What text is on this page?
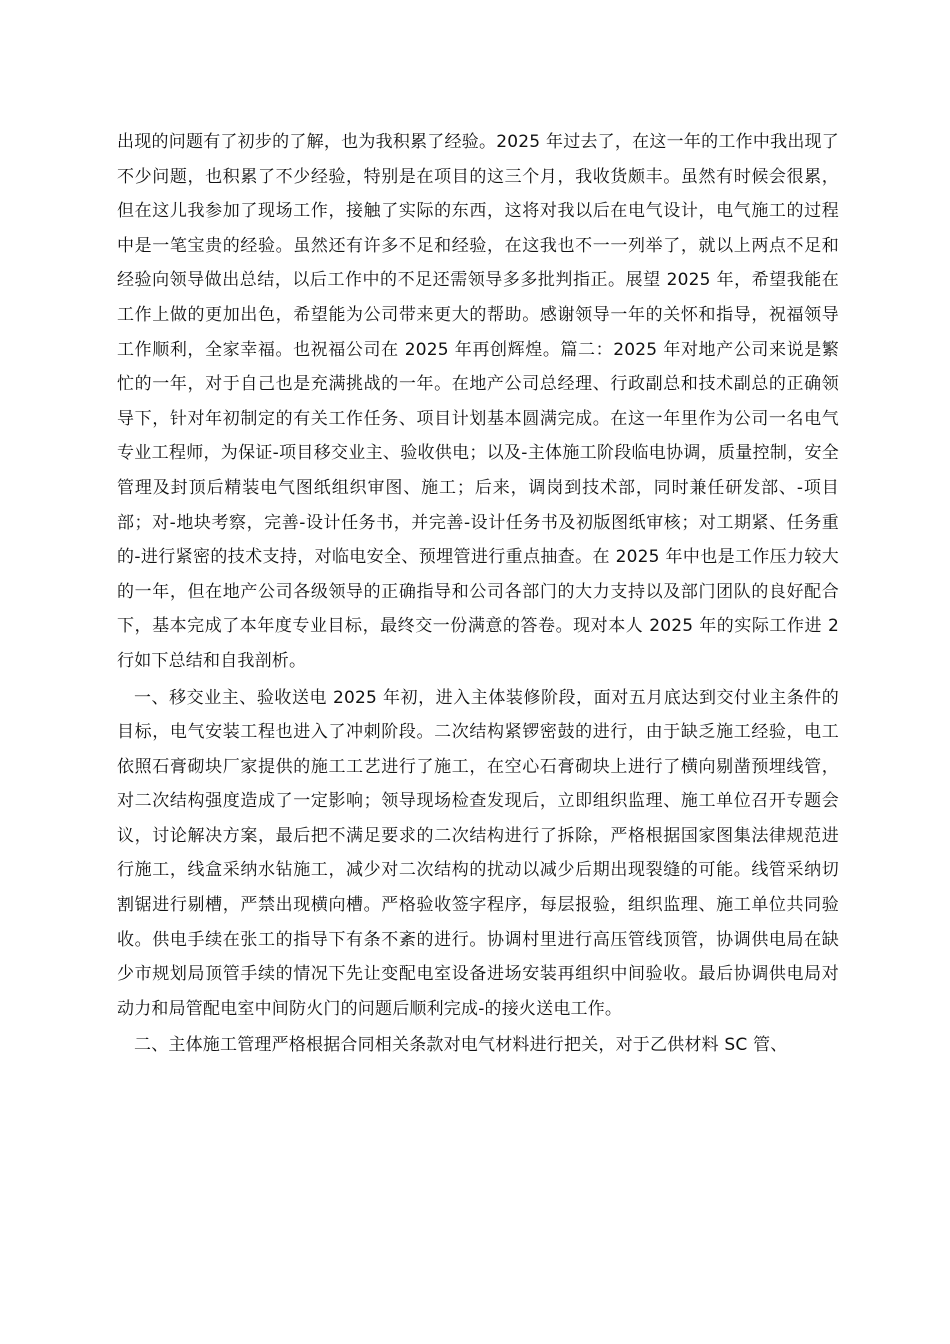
出现的问题有了初步的了解，也为我积累了经验。2025 年过去了，在这一年的工作中我出现了不少问题，也积累了不少经验，特别是在项目的这三个月，我收货颇丰。虽然有时候会很累，但在这儿我参加了现场工作，接触了实际的东西，这将对我以后在电气设计，电气施工的过程中是一笔宝贵的经验。虽然还有许多不足和经验，在这我也不一一列举了，就以上两点不足和经验向领导做出总结，以后工作中的不足还需领导多多批判指正。展望 2025 年，希望我能在工作上做的更加出色，希望能为公司带来更大的帮助。感谢领导一年的关怀和指导，祝福领导工作顺利，全家幸福。也祝福公司在 2025 年再创辉煌。篇二：2025 年对地产公司来说是繁忙的一年，对于自己也是充满挑战的一年。在地产公司总经理、行政副总和技术副总的正确领导下，针对年初制定的有关工作任务、项目计划基本圆满完成。在这一年里作为公司一名电气专业工程师，为保证-项目移交业主、验收供电；以及-主体施工阶段临电协调，质量控制，安全管理及封顶后精装电气图纸组织审图、施工；后来，调岗到技术部，同时兼任研发部、-项目部；对-地块考察，完善-设计任务书，并完善-设计任务书及初版图纸审核；对工期紧、任务重的-进行紧密的技术支持，对临电安全、预埋管进行重点抽查。在 2025 年中也是工作压力较大的一年，但在地产公司各级领导的正确指导和公司各部门的大力支持以及部门团队的良好配合下，基本完成了本年度专业目标，最终交一份满意的答卷。现对本人 2025 年的实际工作进 2 行如下总结和自我剖析。

一、移交业主、验收送电 2025 年初，进入主体装修阶段，面对五月底达到交付业主条件的目标，电气安装工程也进入了冲刺阶段。二次结构紧锣密鼓的进行，由于缺乏施工经验，电工依照石膏砌块厂家提供的施工工艺进行了施工，在空心石膏砌块上进行了横向剔凿预埋线管，对二次结构强度造成了一定影响；领导现场检查发现后，立即组织监理、施工单位召开专题会议，讨论解决方案，最后把不满足要求的二次结构进行了拆除，严格根据国家图集法律规范进行施工，线盒采纳水钻施工，减少对二次结构的扰动以减少后期出现裂缝的可能。线管采纳切割锯进行剔槽，严禁出现横向槽。严格验收签字程序，每层报验，组织监理、施工单位共同验收。供电手续在张工的指导下有条不紊的进行。协调村里进行高压管线顶管，协调供电局在缺少市规划局顶管手续的情况下先让变配电室设备进场安装再组织中间验收。最后协调供电局对动力和局管配电室中间防火门的问题后顺利完成-的接火送电工作。

二、主体施工管理严格根据合同相关条款对电气材料进行把关，对于乙供材料 SC 管、
